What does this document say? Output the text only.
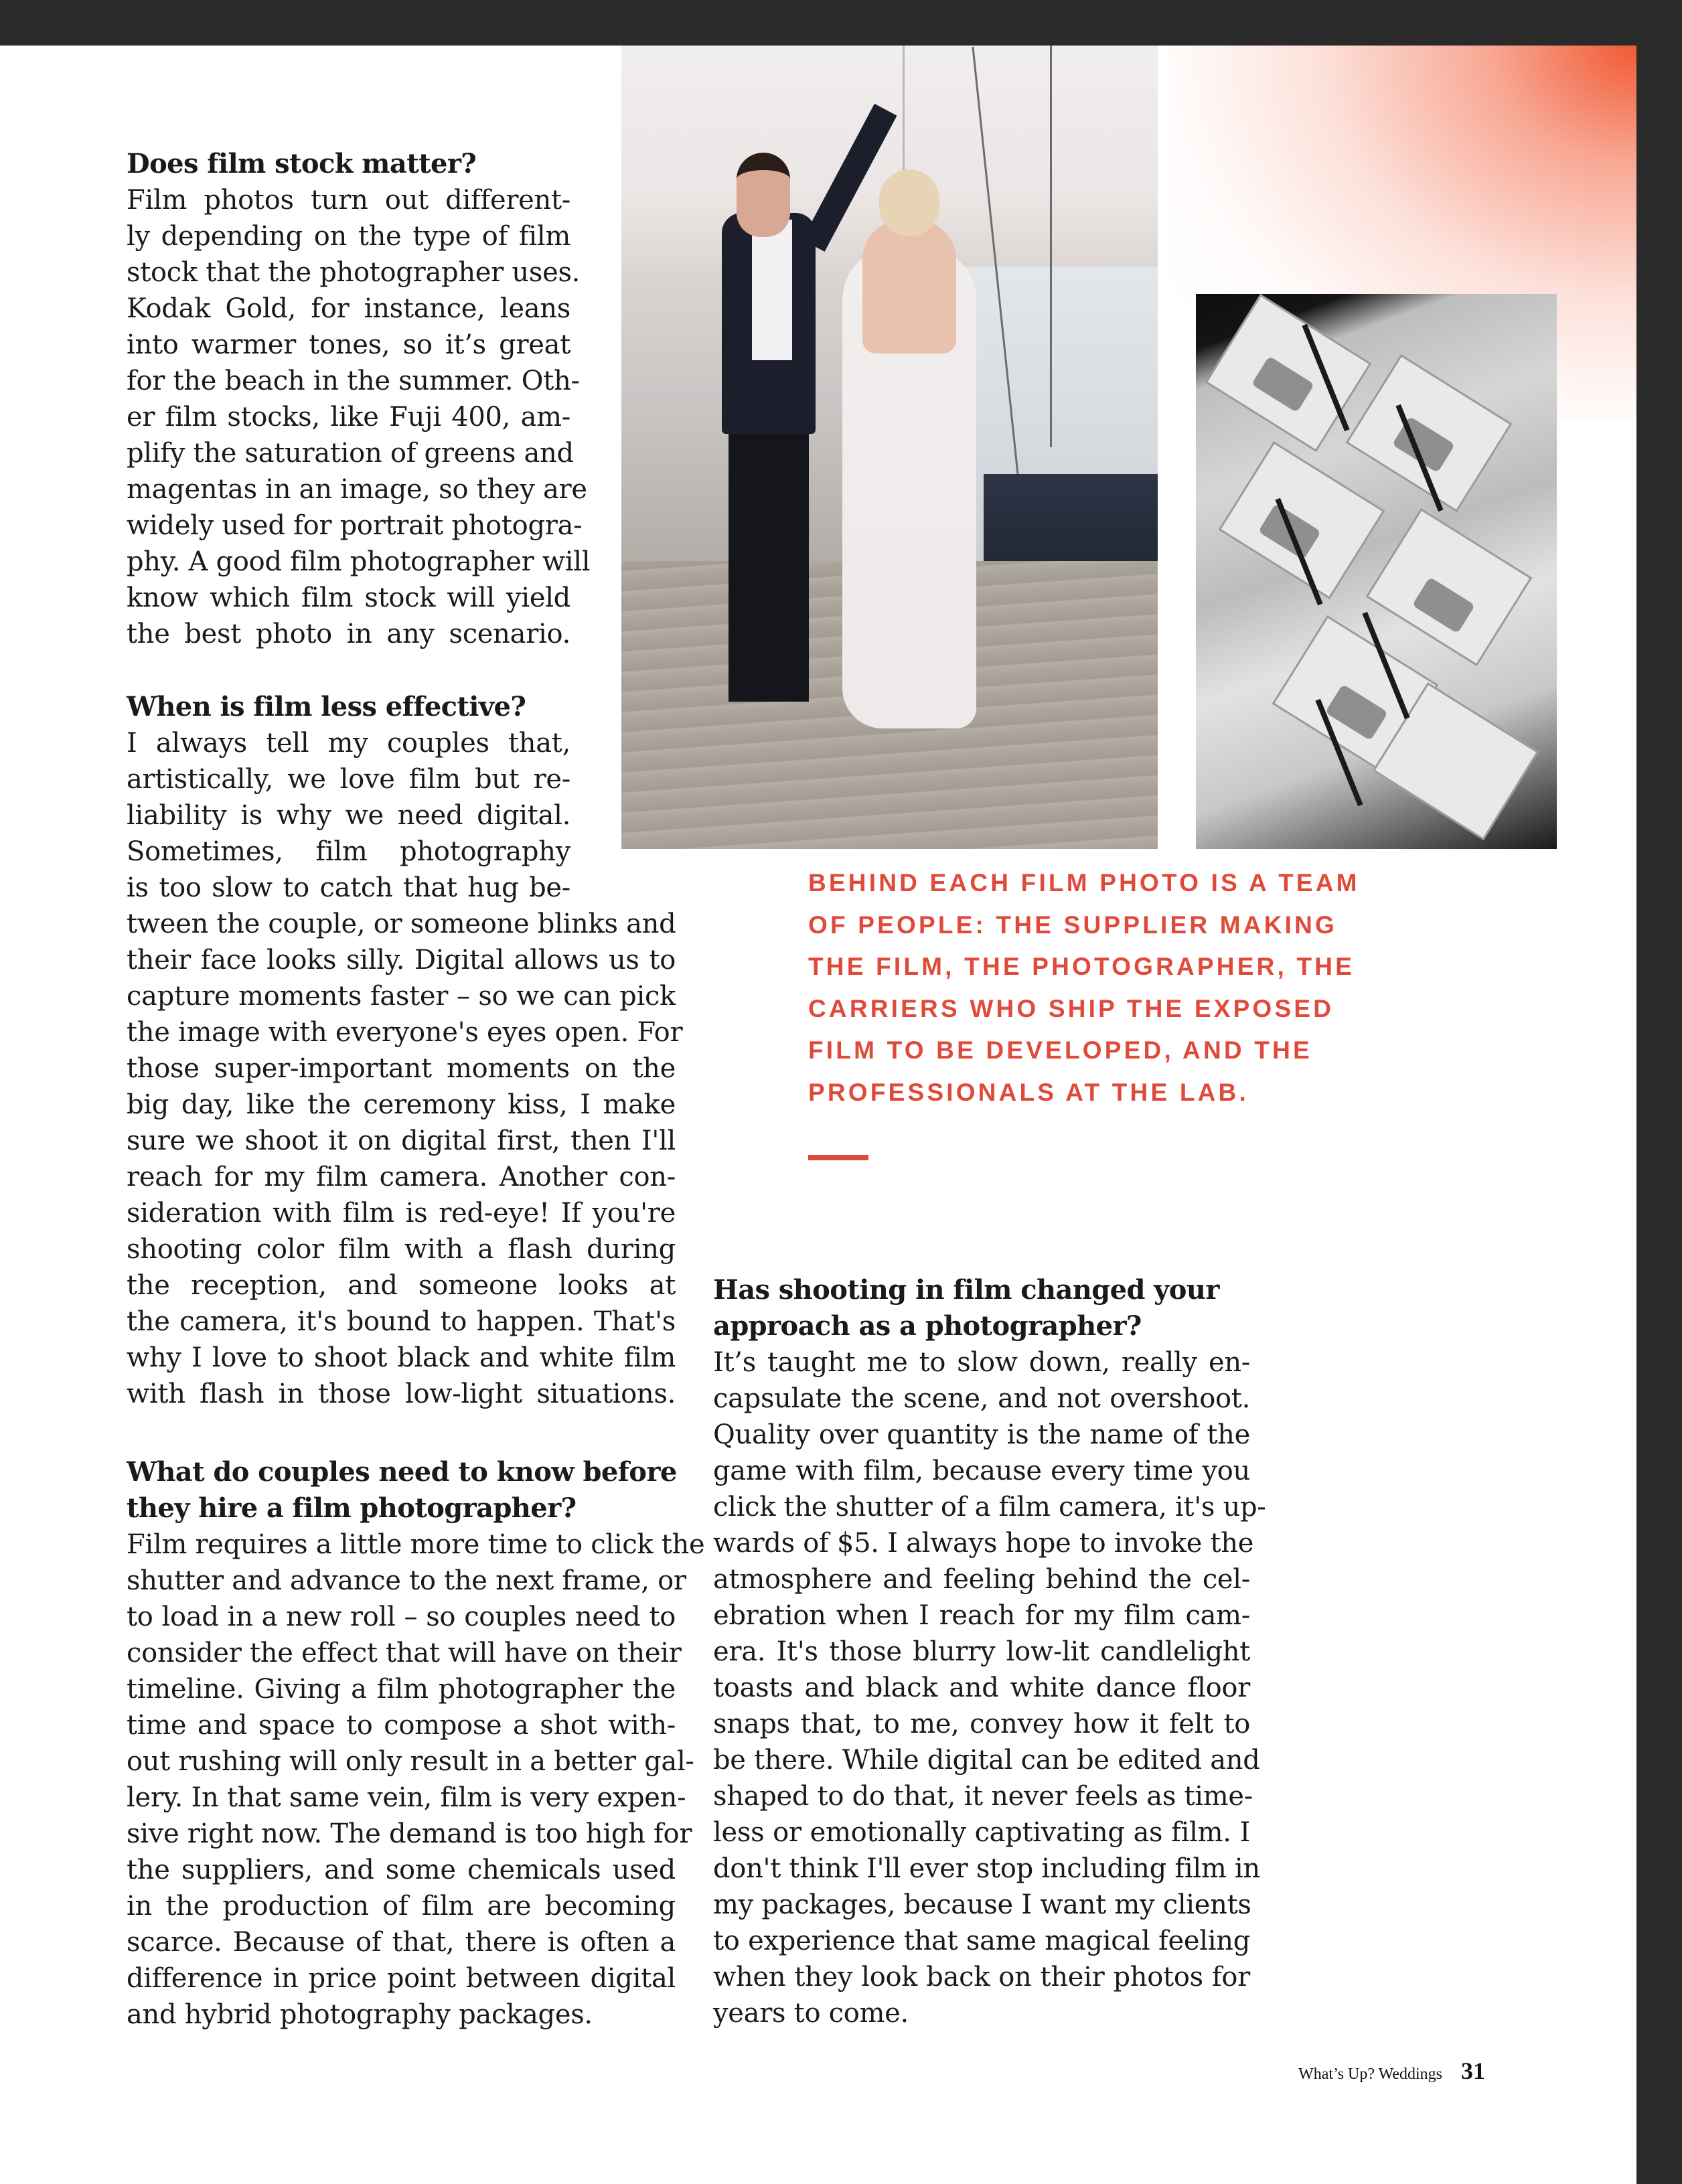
Does film stock matter?
Film photos turn out different-
ly depending on the type of film
stock that the photographer uses.
Kodak Gold, for instance, leans
into warmer tones, so it’s great
for the beach in the summer. Oth-
er film stocks, like Fuji 400, am-
plify the saturation of greens and
magentas in an image, so they are
widely used for portrait photogra-
phy. A good film photographer will
know which film stock will yield
the best photo in any scenario.
When is film less effective?
I always tell my couples that,
artistically, we love film but re-
liability is why we need digital.
Sometimes, film photography
is too slow to catch that hug be-
tween the couple, or someone blinks and
their face looks silly. Digital allows us to
capture moments faster – so we can pick
the image with everyone's eyes open. For
those super-important moments on the
big day, like the ceremony kiss, I make
sure we shoot it on digital first, then I'll
reach for my film camera. Another con-
sideration with film is red-eye! If you're
shooting color film with a flash during
the reception, and someone looks at
the camera, it's bound to happen. That's
why I love to shoot black and white film
with flash in those low-light situations.
What do couples need to know before
they hire a film photographer?
Film requires a little more time to click the
shutter and advance to the next frame, or
to load in a new roll – so couples need to
consider the effect that will have on their
timeline. Giving a film photographer the
time and space to compose a shot with-
out rushing will only result in a better gal-
lery. In that same vein, film is very expen-
sive right now. The demand is too high for
the suppliers, and some chemicals used
in the production of film are becoming
scarce. Because of that, there is often a
difference in price point between digital
and hybrid photography packages.
BEHIND EACH FILM PHOTO IS A TEAM
OF PEOPLE: THE SUPPLIER MAKING
THE FILM, THE PHOTOGRAPHER, THE
CARRIERS WHO SHIP THE EXPOSED
FILM TO BE DEVELOPED, AND THE
PROFESSIONALS AT THE LAB.
Has shooting in film changed your
approach as a photographer?
It’s taught me to slow down, really en-
capsulate the scene, and not overshoot.
Quality over quantity is the name of the
game with film, because every time you
click the shutter of a film camera, it's up-
wards of $5. I always hope to invoke the
atmosphere and feeling behind the cel-
ebration when I reach for my film cam-
era. It's those blurry low-lit candlelight
toasts and black and white dance floor
snaps that, to me, convey how it felt to
be there. While digital can be edited and
shaped to do that, it never feels as time-
less or emotionally captivating as film. I
don't think I'll ever stop including film in
my packages, because I want my clients
to experience that same magical feeling
when they look back on their photos for
years to come.
What’s Up? Weddings 31
